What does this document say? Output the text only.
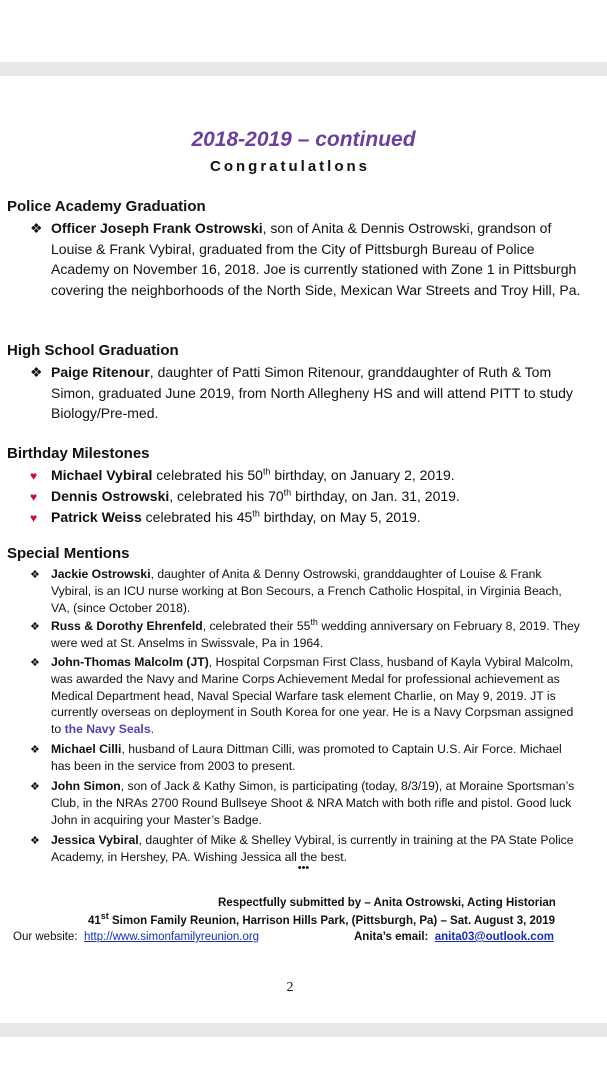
2018-2019 – continued
Congratulatlons
Police Academy Graduation
❖ Officer Joseph Frank Ostrowski, son of Anita & Dennis Ostrowski, grandson of Louise & Frank Vybiral, graduated from the City of Pittsburgh Bureau of Police Academy on November 16, 2018. Joe is currently stationed with Zone 1 in Pittsburgh covering the neighborhoods of the North Side, Mexican War Streets and Troy Hill, Pa.
High School Graduation
❖ Paige Ritenour, daughter of Patti Simon Ritenour, granddaughter of Ruth & Tom Simon, graduated June 2019, from North Allegheny HS and will attend PITT to study Biology/Pre-med.
Birthday Milestones
♥ Michael Vybiral celebrated his 50th birthday, on January 2, 2019.
♥ Dennis Ostrowski, celebrated his 70th birthday, on Jan. 31, 2019.
♥ Patrick Weiss celebrated his 45th birthday, on May 5, 2019.
Special Mentions
❖ Jackie Ostrowski, daughter of Anita & Denny Ostrowski, granddaughter of Louise & Frank Vybiral, is an ICU nurse working at Bon Secours, a French Catholic Hospital, in Virginia Beach, VA, (since October 2018).
❖ Russ & Dorothy Ehrenfeld, celebrated their 55th wedding anniversary on February 8, 2019. They were wed at St. Anselms in Swissvale, Pa in 1964.
❖ John-Thomas Malcolm (JT), Hospital Corpsman First Class, husband of Kayla Vybiral Malcolm, was awarded the Navy and Marine Corps Achievement Medal for professional achievement as Medical Department head, Naval Special Warfare task element Charlie, on May 9, 2019. JT is currently overseas on deployment in South Korea for one year. He is a Navy Corpsman assigned to the Navy Seals.
❖ Michael Cilli, husband of Laura Dittman Cilli, was promoted to Captain U.S. Air Force. Michael has been in the service from 2003 to present.
❖ John Simon, son of Jack & Kathy Simon, is participating (today, 8/3/19), at Moraine Sportsman’s Club, in the NRAs 2700 Round Bullseye Shoot & NRA Match with both rifle and pistol. Good luck John in acquiring your Master’s Badge.
❖ Jessica Vybiral, daughter of Mike & Shelley Vybiral, is currently in training at the PA State Police Academy, in Hershey, PA. Wishing Jessica all the best.
•••
Respectfully submitted by – Anita Ostrowski, Acting Historian
41st Simon Family Reunion, Harrison Hills Park, (Pittsburgh, Pa) – Sat. August 3, 2019
Our website: http://www.simonfamilyreunion.org	Anita’s email: anita03@outlook.com
2
